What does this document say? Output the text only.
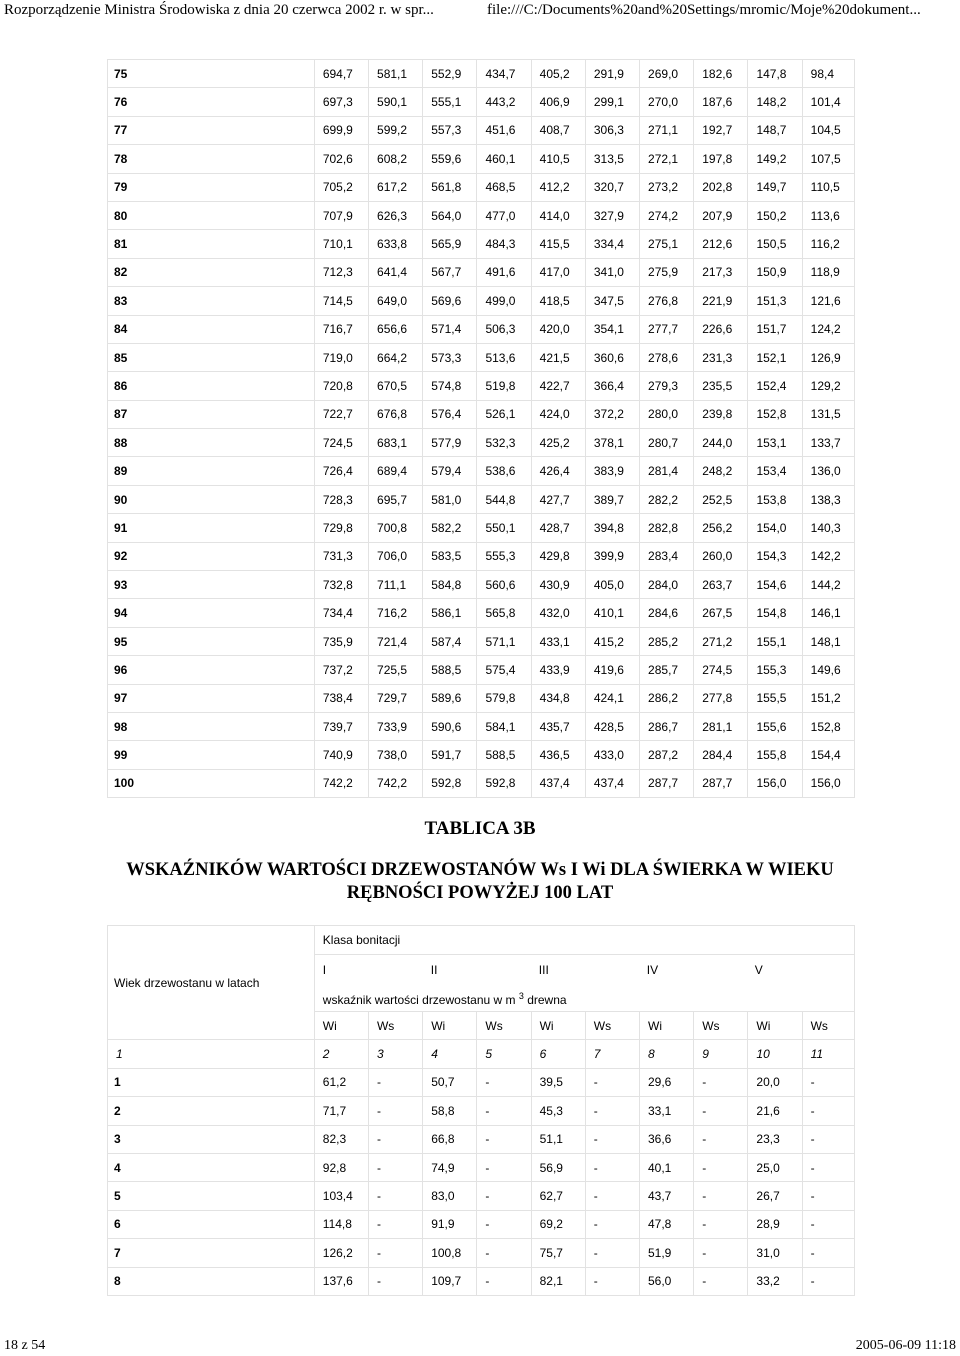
Rozporządzenie Ministra Środowiska z dnia 20 czerwca 2002 r. w spr...	file:///C:/Documents%20and%20Settings/mromic/Moje%20dokument...
75	694,7	581,1	552,9	434,7	405,2	291,9	269,0	182,6	147,8	98,4
76	697,3	590,1	555,1	443,2	406,9	299,1	270,0	187,6	148,2	101,4
77	699,9	599,2	557,3	451,6	408,7	306,3	271,1	192,7	148,7	104,5
78	702,6	608,2	559,6	460,1	410,5	313,5	272,1	197,8	149,2	107,5
79	705,2	617,2	561,8	468,5	412,2	320,7	273,2	202,8	149,7	110,5
80	707,9	626,3	564,0	477,0	414,0	327,9	274,2	207,9	150,2	113,6
81	710,1	633,8	565,9	484,3	415,5	334,4	275,1	212,6	150,5	116,2
82	712,3	641,4	567,7	491,6	417,0	341,0	275,9	217,3	150,9	118,9
83	714,5	649,0	569,6	499,0	418,5	347,5	276,8	221,9	151,3	121,6
84	716,7	656,6	571,4	506,3	420,0	354,1	277,7	226,6	151,7	124,2
85	719,0	664,2	573,3	513,6	421,5	360,6	278,6	231,3	152,1	126,9
86	720,8	670,5	574,8	519,8	422,7	366,4	279,3	235,5	152,4	129,2
87	722,7	676,8	576,4	526,1	424,0	372,2	280,0	239,8	152,8	131,5
88	724,5	683,1	577,9	532,3	425,2	378,1	280,7	244,0	153,1	133,7
89	726,4	689,4	579,4	538,6	426,4	383,9	281,4	248,2	153,4	136,0
90	728,3	695,7	581,0	544,8	427,7	389,7	282,2	252,5	153,8	138,3
91	729,8	700,8	582,2	550,1	428,7	394,8	282,8	256,2	154,0	140,3
92	731,3	706,0	583,5	555,3	429,8	399,9	283,4	260,0	154,3	142,2
93	732,8	711,1	584,8	560,6	430,9	405,0	284,0	263,7	154,6	144,2
94	734,4	716,2	586,1	565,8	432,0	410,1	284,6	267,5	154,8	146,1
95	735,9	721,4	587,4	571,1	433,1	415,2	285,2	271,2	155,1	148,1
96	737,2	725,5	588,5	575,4	433,9	419,6	285,7	274,5	155,3	149,6
97	738,4	729,7	589,6	579,8	434,8	424,1	286,2	277,8	155,5	151,2
98	739,7	733,9	590,6	584,1	435,7	428,5	286,7	281,1	155,6	152,8
99	740,9	738,0	591,7	588,5	436,5	433,0	287,2	284,4	155,8	154,4
100	742,2	742,2	592,8	592,8	437,4	437,4	287,7	287,7	156,0	156,0
TABLICA 3B
WSKAŹNIKÓW WARTOŚCI DRZEWOSTANÓW Ws I Wi DLA ŚWIERKA W WIEKU
RĘBNOŚCI POWYŻEJ 100 LAT
Wiek drzewostanu w latach	Klasa bonitacji									

	I II III IV V
wskaźnik wartości drzewostanu w m $^3$ drewna									

	Wi	Ws	Wi	Ws	Wi	Ws	Wi	Ws	Wi	Ws
1	2	3	4	5	6	7	8	9	10	11
1	61,2	-	50,7	-	39,5	-	29,6	-	20,0	-
2	71,7	-	58,8	-	45,3	-	33,1	-	21,6	-
3	82,3	-	66,8	-	51,1	-	36,6	-	23,3	-
4	92,8	-	74,9	-	56,9	-	40,1	-	25,0	-
5	103,4	-	83,0	-	62,7	-	43,7	-	26,7	-
6	114,8	-	91,9	-	69,2	-	47,8	-	28,9	-
7	126,2	-	100,8	-	75,7	-	51,9	-	31,0	-
8	137,6	-	109,7	-	82,1	-	56,0	-	33,2	-
18 z 54	2005-06-09 11:18
